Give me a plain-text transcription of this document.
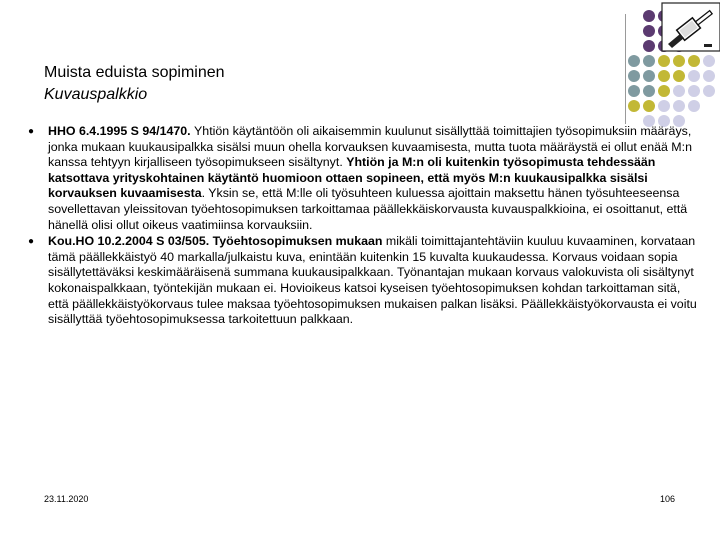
Muista eduista sopiminen
Kuvauspalkkio
● HHO 6.4.1995 S 94/1470. Yhtiön käytäntöön oli aikaisemmin kuulunut sisällyttää toimittajien työsopimuksiin määräys, jonka mukaan kuukausipalkka sisälsi muun ohella korvauksen kuvaamisesta, mutta tuota määräystä ei ollut enää M:n kanssa tehtyyn kirjalliseen työsopimukseen sisältynyt. Yhtiön ja M:n oli kuitenkin työsopimusta tehdessään katsottava yrityskohtainen käytäntö huomioon ottaen sopineen, että myös M:n kuukausipalkka sisälsi korvauksen kuvaamisesta. Yksin se, että M:lle oli työsuhteen kuluessa ajoittain maksettu hänen työsuhteeseensa sovellettavan yleissitovan työehtosopimuksen tarkoittamaa päällekkäiskorvausta kuvauspalkkioina, ei osoittanut, että hänellä olisi ollut oikeus vaatimiinsa korvauksiin.
● Kou.HO 10.2.2004 S 03/505. Työehtosopimuksen mukaan mikäli toimittajantehtäviin kuuluu kuvaaminen, korvataan tämä päällekkäistyö 40 markalla/julkaistu kuva, enintään kuitenkin 15 kuvalta kuukaudessa. Korvaus voidaan sopia sisällytettäväksi keskimääräisenä summana kuukausipalkkaan. Työnantajan mukaan korvaus valokuvista oli sisältynyt kokonaispalkkaan, työntekijän mukaan ei. Hovioikeus katsoi kyseisen työehtosopimuksen kohdan tarkoittaman sitä, että päällekkäistyökorvaus tulee maksaa työehtosopimuksen mukaisen palkan lisäksi. Päällekkäistyökorvausta ei voitu sisällyttää työehtosopimuksessa tarkoitettuun palkkaan.
23.11.2020	106
